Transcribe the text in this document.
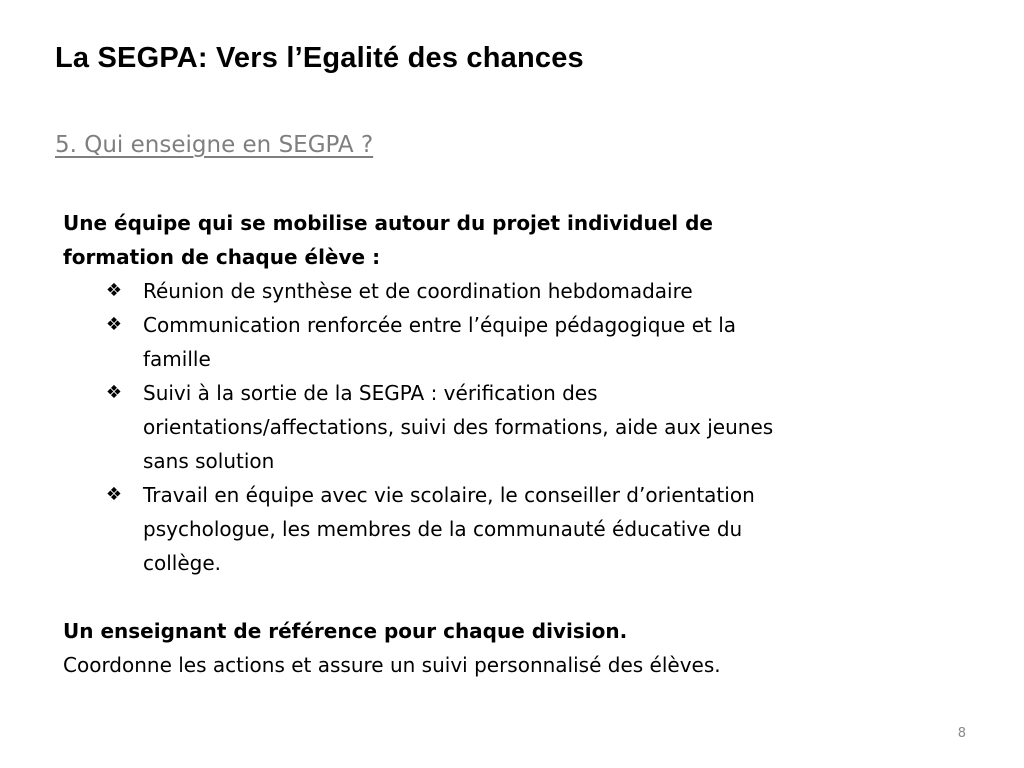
La SEGPA: Vers l’Egalité des chances
5. Qui enseigne en SEGPA ?
Une équipe qui se mobilise autour du projet individuel de formation de chaque élève :
❖ Réunion de synthèse et de coordination hebdomadaire
❖ Communication renforcée entre l’équipe pédagogique et la famille
❖ Suivi à la sortie de la SEGPA : vérification des orientations/affectations, suivi des formations, aide aux jeunes sans solution
❖ Travail en équipe avec vie scolaire, le conseiller d’orientation psychologue, les membres de la communauté éducative du collège.
Un enseignant de référence pour chaque division.
Coordonne les actions et assure un suivi personnalisé des élèves.
8
